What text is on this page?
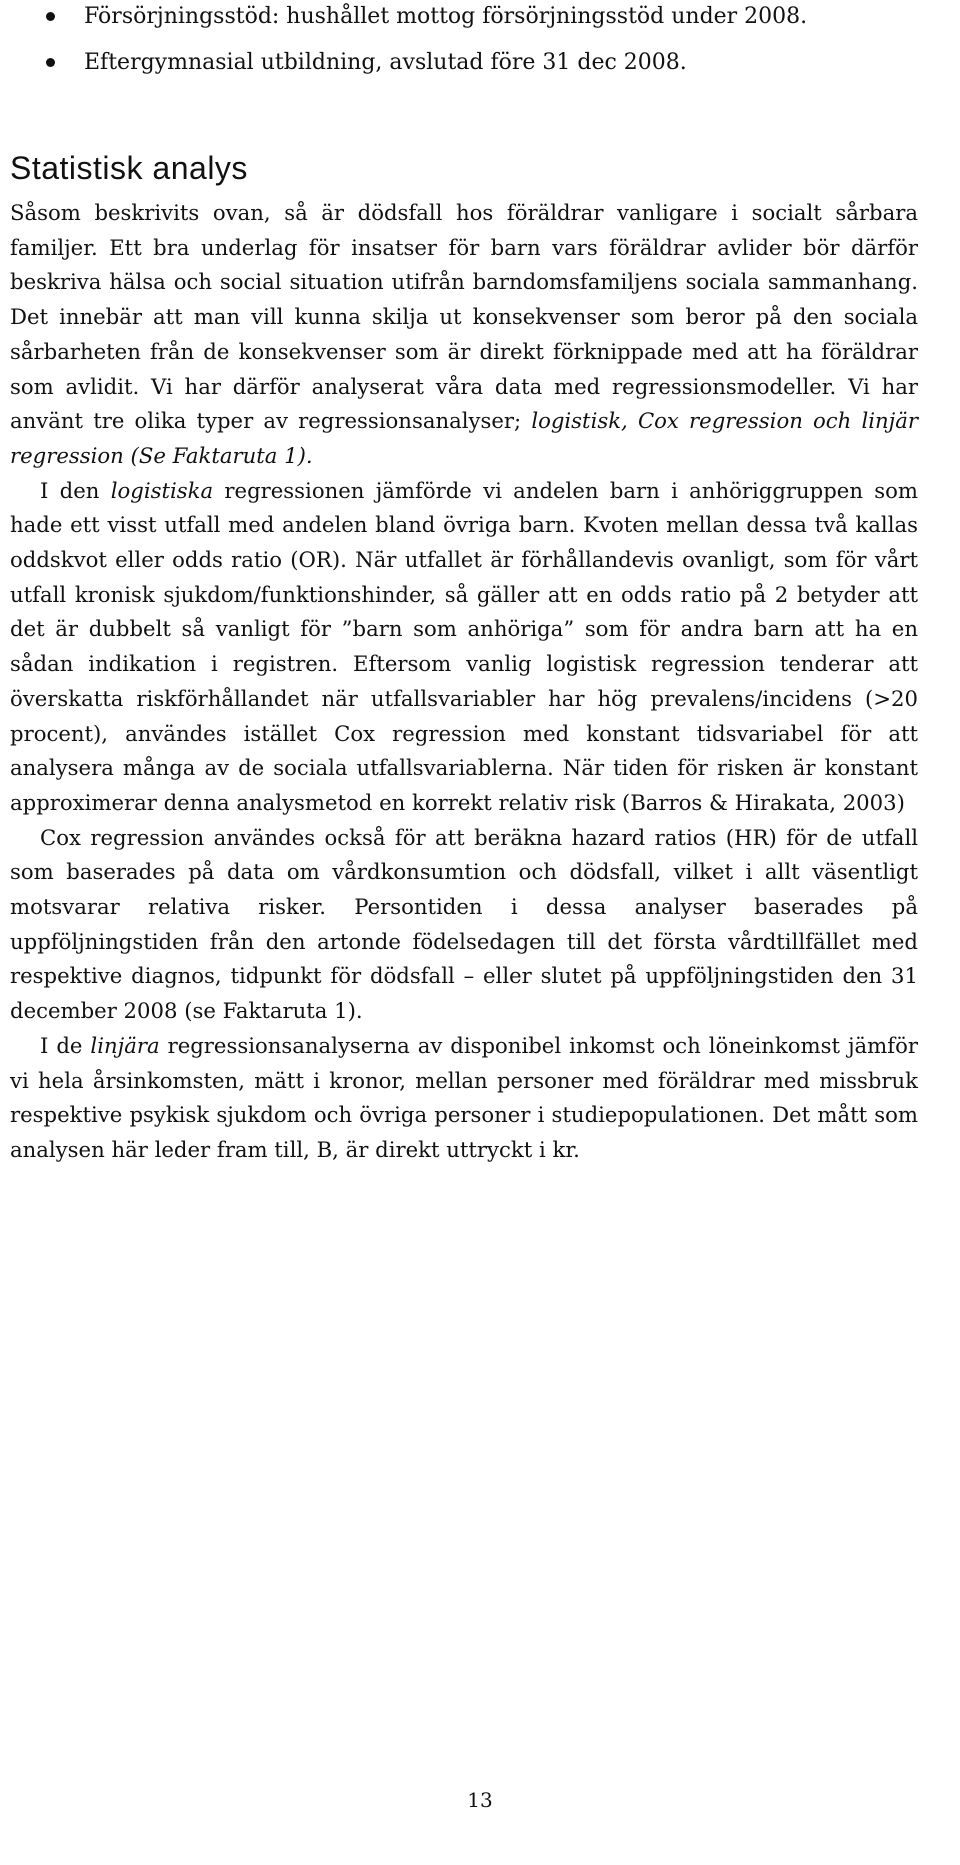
Försörjningsstöd: hushållet mottog försörjningsstöd under 2008.
Eftergymnasial utbildning, avslutad före 31 dec 2008.
Statistisk analys

Såsom beskrivits ovan, så är dödsfall hos föräldrar vanligare i socialt sårbara familjer. Ett bra underlag för insatser för barn vars föräldrar avlider bör därför beskriva hälsa och social situation utifrån barndomsfamiljens sociala sammanhang. Det innebär att man vill kunna skilja ut konsekvenser som beror på den sociala sårbarheten från de konsekvenser som är direkt förknippade med att ha föräldrar som avlidit. Vi har därför analyserat våra data med regressionsmodeller. Vi har använt tre olika typer av regressionsanalyser; logistisk, Cox regression och linjär regression (Se Faktaruta 1).

I den logistiska regressionen jämförde vi andelen barn i anhöriggruppen som hade ett visst utfall med andelen bland övriga barn. Kvoten mellan dessa två kallas oddskvot eller odds ratio (OR). När utfallet är förhållandevis ovanligt, som för vårt utfall kronisk sjukdom/funktionshinder, så gäller att en odds ratio på 2 betyder att det är dubbelt så vanligt för ”barn som anhöriga” som för andra barn att ha en sådan indikation i registren. Eftersom vanlig logistisk regression tenderar att överskatta riskförhållandet när utfallsvariabler har hög prevalens/incidens (>20 procent), användes istället Cox regression med konstant tidsvariabel för att analysera många av de sociala utfallsvariablerna. När tiden för risken är konstant approximerar denna analysmetod en korrekt relativ risk (Barros & Hirakata, 2003)

Cox regression användes också för att beräkna hazard ratios (HR) för de utfall som baserades på data om vårdkonsumtion och dödsfall, vilket i allt väsentligt motsvarar relativa risker. Persontiden i dessa analyser baserades på uppföljningstiden från den artonde födelsedagen till det första vårdtillfället med respektive diagnos, tidpunkt för dödsfall – eller slutet på uppföljningstiden den 31 december 2008 (se Faktaruta 1).

I de linjära regressionsanalyserna av disponibel inkomst och löneinkomst jämför vi hela årsinkomsten, mätt i kronor, mellan personer med föräldrar med missbruk respektive psykisk sjukdom och övriga personer i studiepopulationen. Det mått som analysen här leder fram till, B, är direkt uttryckt i kr.

13
